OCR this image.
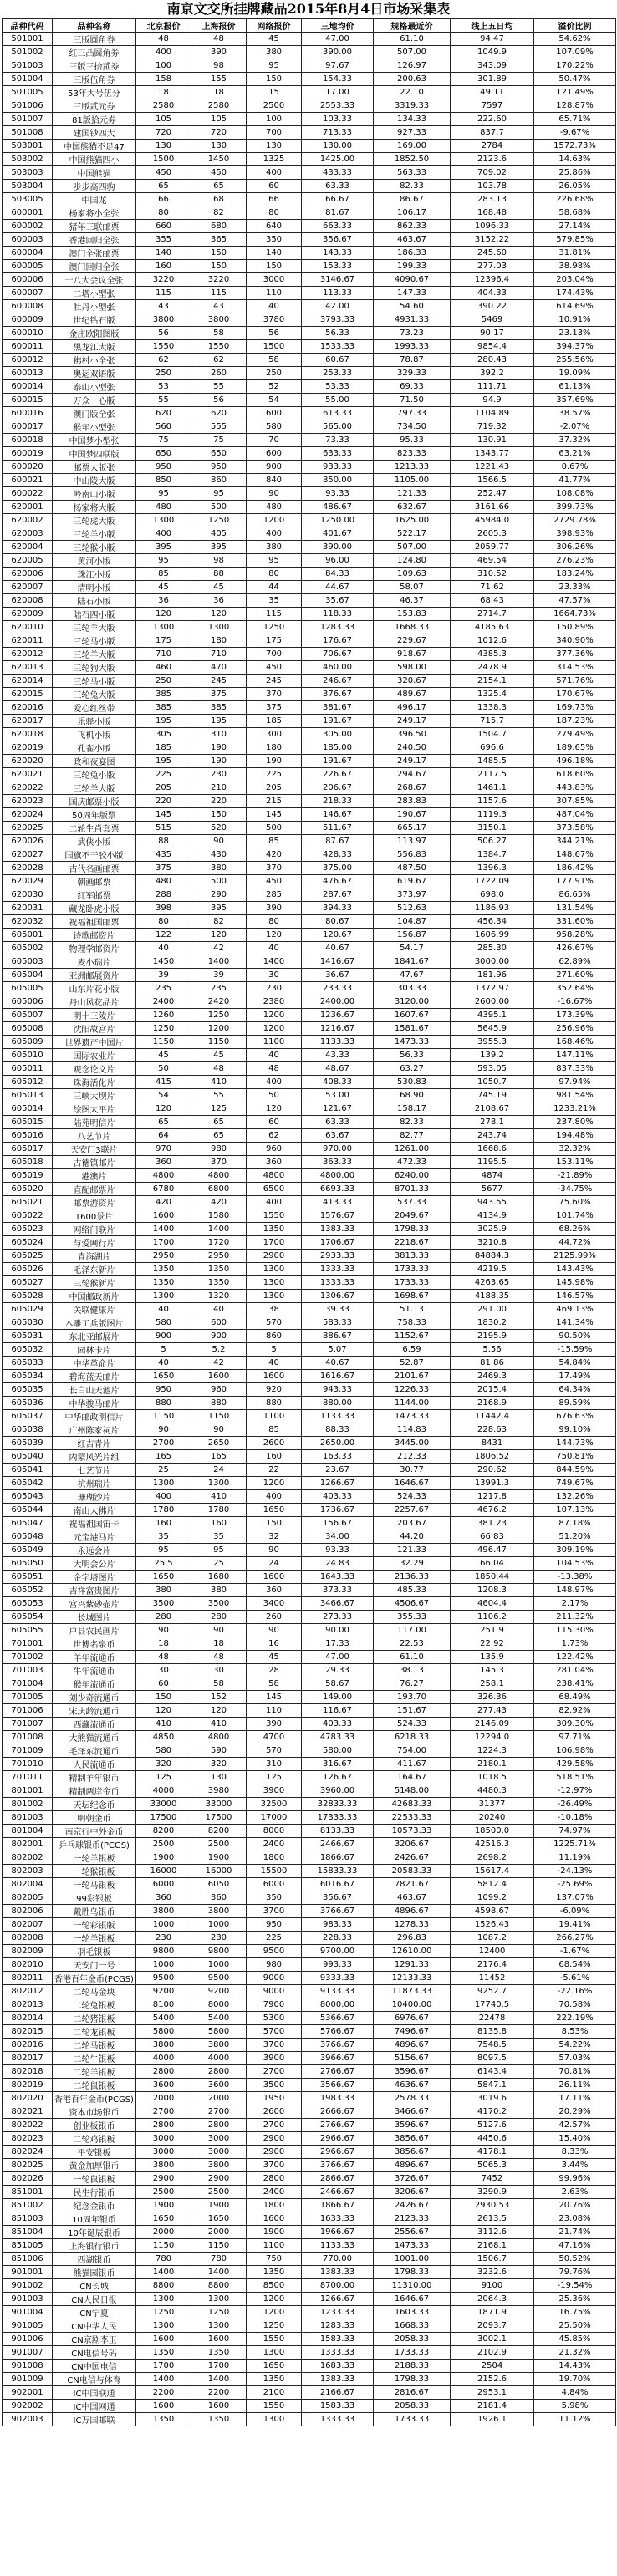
南京文交所挂牌藏品2015年8月4日市场采集表
品种代码	品种名称	北京报价	上海报价	网络报价	三地均价	规格最近价	线上五日均	溢价比例
501001	三版圆角券	48	48	45	47.00	61.10	94.47	54.62%
501002	红三凸圆角券	400	390	380	390.00	507.00	1049.9	107.09%
501003	三版三拾贰券	100	98	95	97.67	126.97	343.09	170.22%
501004	三版伍角券	158	155	150	154.33	200.63	301.89	50.47%
501005	53年大号伍分	18	18	15	17.00	22.10	49.11	121.49%
501006	三版贰元券	2580	2580	2500	2553.33	3319.33	7597	128.87%
501007	81版拾元券	105	105	100	103.33	134.33	222.60	65.71%
501008	建国钞四大	720	720	700	713.33	927.33	837.7	-9.67%
503001	中国熊猫不足47	130	130	130	130.00	169.00	2784	1572.73%
503002	中国熊猫四小	1500	1450	1325	1425.00	1852.50	2123.6	14.63%
503003	中国熊猫	450	450	400	433.33	563.33	709.02	25.86%
503004	步步高四驹	65	65	60	63.33	82.33	103.78	26.05%
503005	中国龙	66	68	66	66.67	86.67	283.13	226.68%
600001	杨家将小全张	80	82	80	81.67	106.17	168.48	58.68%
600002	猪年三联邮票	660	680	640	663.33	862.33	1096.33	27.14%
600003	香港回归全张	355	365	350	356.67	463.67	3152.22	579.85%
600004	澳门全张邮票	140	150	140	143.33	186.33	245.60	31.81%
600005	澳门回归全张	160	150	150	153.33	199.33	277.03	38.98%
600006	十八大会议全张	3220	3220	3000	3146.67	4090.67	12396.4	203.04%
600007	二塔小型张	115	115	110	113.33	147.33	404.33	174.43%
600008	牡丹小型张	43	43	40	42.00	54.60	390.22	614.69%
600009	世纪钻石版	3800	3800	3780	3793.33	4931.33	5469	10.91%
600010	金庄欧阳图版	56	58	56	56.33	73.23	90.17	23.13%
600011	黑龙江大版	1550	1550	1500	1533.33	1993.33	9854.4	394.37%
600012	佛村小全张	62	62	58	60.67	78.87	280.43	255.56%
600013	奥运双语版	250	260	250	253.33	329.33	392.2	19.09%
600014	泰山小型张	53	55	52	53.33	69.33	111.71	61.13%
600015	万众一心版	55	56	54	55.00	71.50	94.9	357.69%
600016	澳门版全张	620	620	600	613.33	797.33	1104.89	38.57%
600017	猴年小型张	560	555	580	565.00	734.50	719.32	-2.07%
600018	中国梦小型张	75	75	70	73.33	95.33	130.91	37.32%
600019	中国梦四联版	650	650	600	633.33	823.33	1343.77	63.21%
600020	邮票大版张	950	950	900	933.33	1213.33	1221.43	0.67%
600021	中山陵大版	850	860	840	850.00	1105.00	1566.5	41.77%
600022	岭南山小版	95	95	90	93.33	121.33	252.47	108.08%
620001	杨家将大版	480	500	480	486.67	632.67	3161.66	399.73%
620002	三轮虎大版	1300	1250	1200	1250.00	1625.00	45984.0	2729.78%
620003	三轮羊小版	400	405	400	401.67	522.17	2605.3	398.93%
620004	三轮猴小版	395	395	380	390.00	507.00	2059.77	306.26%
620005	黄河小版	95	98	95	96.00	124.80	469.54	276.23%
620006	珠江小版	85	88	80	84.33	109.63	310.52	183.24%
620007	清明小版	45	45	44	44.67	58.07	71.62	23.33%
620008	陆石小版	36	36	35	35.67	46.37	68.43	47.57%
620009	陆石四小版	120	120	115	118.33	153.83	2714.7	1664.73%
620010	三轮羊大版	1300	1300	1250	1283.33	1668.33	4185.63	150.89%
620011	三轮马小版	175	180	175	176.67	229.67	1012.6	340.90%
620012	三轮羊大版	710	710	700	706.67	918.67	4385.3	377.36%
620013	三轮狗大版	460	470	450	460.00	598.00	2478.9	314.53%
620014	三轮马小版	250	245	245	246.67	320.67	2154.1	571.76%
620015	三轮兔大版	385	375	370	376.67	489.67	1325.4	170.67%
620016	爱心红丝带	385	385	375	381.67	496.17	1338.3	169.73%
620017	乐驿小版	195	195	185	191.67	249.17	715.7	187.23%
620018	飞机小版	305	310	300	305.00	396.50	1504.7	279.49%
620019	孔雀小版	185	190	180	185.00	240.50	696.6	189.65%
620020	政和夜宴图	195	190	190	191.67	249.17	1485.5	496.18%
620021	三轮兔小版	225	230	225	226.67	294.67	2117.5	618.60%
620022	三轮羊大版	205	210	205	206.67	268.67	1461.1	443.83%
620023	国庆邮票小版	220	220	215	218.33	283.83	1157.6	307.85%
620024	50周年版票	145	150	145	146.67	190.67	1119.3	487.04%
620025	二轮生肖套票	515	520	500	511.67	665.17	3150.1	373.58%
620026	武侠小版	88	90	85	87.67	113.97	506.27	344.21%
620027	国旗不干胶小版	435	430	420	428.33	556.83	1384.7	148.67%
620028	古代名画邮票	375	380	370	375.00	487.50	1396.3	186.42%
620029	朝画邮票	480	500	450	476.67	619.67	1722.09	177.91%
620030	红军邮票	288	290	285	287.67	373.97	698.0	86.65%
620031	藏龙卧虎小版	398	395	390	394.33	512.63	1186.93	131.54%
620032	祝福祖国邮票	80	82	80	80.67	104.87	456.34	331.60%
605001	诗歌邮资片	122	120	120	120.67	156.87	1606.99	958.28%
605002	物理学邮资片	40	42	40	40.67	54.17	285.30	426.67%
605003	麦小瑞片	1450	1400	1400	1416.67	1841.67	3000.00	62.89%
605004	亚洲邮展资片	39	39	30	36.67	47.67	181.96	271.60%
605005	山东片花小版	235	235	230	233.33	303.33	1372.97	352.64%
605006	丹山风花品片	2400	2420	2380	2400.00	3120.00	2600.00	-16.67%
605007	明十三陵片	1260	1250	1200	1236.67	1607.67	4395.1	173.39%
605008	沈阳故宫片	1250	1200	1200	1216.67	1581.67	5645.9	256.96%
605009	世界遗产中国片	1150	1150	1100	1133.33	1473.33	3955.3	168.46%
605010	国际农业片	45	45	40	43.33	56.33	139.2	147.11%
605011	观念论文片	50	48	48	48.67	63.27	593.05	837.33%
605012	珠海活化片	415	410	400	408.33	530.83	1050.7	97.94%
605013	三峡大坝片	54	55	50	53.00	68.90	745.19	981.54%
605014	绘图太平片	120	125	120	121.67	158.17	2108.67	1233.21%
605015	陆苑明信片	65	65	60	63.33	82.33	278.1	237.80%
605016	八艺节片	64	65	62	63.67	82.77	243.74	194.48%
605017	天安门3联片	970	980	960	970.00	1261.00	1668.6	32.32%
605018	古德镇邮片	360	370	360	363.33	472.33	1195.5	153.11%
605019	港澳片	4800	4800	4800	4800.00	6240.00	4874	-21.89%
605020	直配邮票片	6780	6800	6500	6693.33	8701.33	5677	-34.75%
605021	邮票游资片	420	420	400	413.33	537.33	943.55	75.60%
605022	1600景片	1600	1580	1550	1576.67	2049.67	4134.9	101.74%
605023	网络门联片	1400	1400	1350	1383.33	1798.33	3025.9	68.26%
605024	与爱网行片	1700	1720	1700	1706.67	2218.67	3210.8	44.72%
605025	青海湖片	2950	2950	2900	2933.33	3813.33	84884.3	2125.99%
605026	毛泽东新片	1350	1350	1300	1333.33	1733.33	4219.5	143.43%
605027	三轮猴新片	1350	1350	1300	1333.33	1733.33	4263.65	145.98%
605028	中国邮政新片	1300	1320	1300	1306.67	1698.67	4188.35	146.57%
605029	关联健康片	40	40	38	39.33	51.13	291.00	469.13%
605030	木雕工兵版图片	580	600	570	583.33	758.33	1830.2	141.34%
605031	东北亚邮展片	900	900	860	886.67	1152.67	2195.9	90.50%
605032	园林卡片	5	5.2	5	5.07	6.59	5.56	-15.59%
605033	中华革命片	40	42	40	40.67	52.87	81.86	54.84%
605034	碧海蓝天邮片	1650	1600	1600	1616.67	2101.67	2469.3	17.49%
605035	长白山天池片	950	960	920	943.33	1226.33	2015.4	64.34%
605036	中华骏马邮片	880	880	880	880.00	1144.00	2168.9	89.59%
605037	中华邮政明信片	1150	1150	1100	1133.33	1473.33	11442.4	676.63%
605038	广州陈家祠片	90	90	85	88.33	114.83	228.63	99.10%
605039	红吉青片	2700	2650	2600	2650.00	3445.00	8431	144.73%
605040	内蒙风光片组	165	165	160	163.33	212.33	1806.52	750.81%
605041	七艺节片	25	24	22	23.67	30.77	290.62	844.59%
605042	杭州瑞片	1300	1300	1200	1266.67	1646.67	13991.3	749.67%
605043	珊瑚沙片	400	410	400	403.33	524.33	1217.8	132.26%
605044	南山大佛片	1780	1780	1650	1736.67	2257.67	4676.2	107.13%
605047	祝福祖国宙卡	160	160	150	156.67	203.67	381.23	87.18%
605048	元宝港马片	35	35	32	34.00	44.20	66.83	51.20%
605049	永远会片	95	95	90	93.33	121.33	496.47	309.19%
605050	大明会公片	25.5	25	24	24.83	32.29	66.04	104.53%
605051	金字塔图片	1650	1680	1600	1643.33	2136.33	1850.44	-13.38%
605052	吉祥富贵图片	380	380	360	373.33	485.33	1208.3	148.97%
605053	宫兴紫砂壶片	3500	3500	3400	3466.67	4506.67	4604.4	2.17%
605054	长城图片	280	280	260	273.33	355.33	1106.2	211.32%
605055	户县农民画片	90	90	90	90.00	117.00	251.9	115.30%
701001	世博名泉币	18	18	16	17.33	22.53	22.92	1.73%
701002	羊年流通币	48	48	45	47.00	61.10	135.9	122.42%
701003	牛年流通币	30	30	28	29.33	38.13	145.3	281.04%
701004	猴年流通币	60	58	58	58.67	76.27	258.1	238.41%
701005	刘少奇流通币	150	152	145	149.00	193.70	326.36	68.49%
701006	宋庆龄流通币	120	120	110	116.67	151.67	277.43	82.92%
701007	西藏流通币	410	410	390	403.33	524.33	2146.09	309.30%
701008	大熊猫流通币	4850	4800	4700	4783.33	6218.33	12294.0	97.71%
701009	毛泽东流通币	580	590	570	580.00	754.00	1224.3	106.98%
701010	人民流通币	320	320	310	316.67	411.67	2180.1	429.58%
701011	精制羊年银币	125	130	125	126.67	164.67	1018.5	518.51%
801001	精制两岸金币	4000	3980	3900	3960.00	5148.00	4480.3	-12.97%
801002	天坛纪念币	33000	33000	32500	32833.33	42683.33	31377	-26.49%
801003	明朝金币	17500	17500	17000	17333.33	22533.33	20240	-10.18%
801004	南京行中外金币	8200	8200	8000	8133.33	10573.33	18500.0	74.97%
802001	乒乓球银币(PCGS)	2500	2500	2400	2466.67	3206.67	42516.3	1225.71%
802002	一轮羊银板	1900	1900	1800	1866.67	2426.67	2698.2	11.19%
802003	一轮猴银板	16000	16000	15500	15833.33	20583.33	15617.4	-24.13%
802004	一轮马银板	6000	6050	6000	6016.67	7821.67	5812.4	-25.69%
802005	99彩银板	360	360	350	356.67	463.67	1099.2	137.07%
802006	戴胜鸟银币	3800	3800	3700	3766.67	4896.67	4598.67	-6.09%
802007	一轮彩银版	1000	1000	950	983.33	1278.33	1526.43	19.41%
802008	一轮羊银板	230	230	225	228.33	296.83	1087.2	266.27%
802009	羽毛银板	9800	9800	9500	9700.00	12610.00	12400	-1.67%
802010	天安门一号	1000	1000	980	993.33	1291.33	2176.4	68.54%
802011	香港百年金币(PCGS)	9500	9500	9000	9333.33	12133.33	11452	-5.61%
802012	二轮马金块	9200	9200	9000	9133.33	11873.33	9252.7	-22.16%
802013	二轮兔银板	8100	8000	7900	8000.00	10400.00	17740.5	70.58%
802014	二轮猪银板	5400	5400	5300	5366.67	6976.67	22478	222.19%
802015	二轮龙银板	5800	5800	5700	5766.67	7496.67	8135.8	8.53%
802016	二轮马银板	3800	3800	3700	3766.67	4896.67	7548.5	54.22%
802017	二轮牛银板	4000	4000	3900	3966.67	5156.67	8097.5	57.03%
802018	二轮羊银板	2800	2800	2700	2766.67	3596.67	6143.4	70.81%
802019	二轮鼠银板	3600	3600	3500	3566.67	4636.67	5847.1	26.11%
802020	香港百年金币(PCGS)	2000	2000	1950	1983.33	2578.33	3019.6	17.11%
802021	资本市场银币	2700	2700	2600	2666.67	3466.67	4170.2	20.29%
802022	创业板银币	2800	2800	2700	2766.67	3596.67	5127.6	42.57%
802023	二轮鸡银板	3000	3000	2900	2966.67	3856.67	4450.6	15.40%
802024	平安银板	3000	3000	2900	2966.67	3856.67	4178.1	8.33%
802025	黄金加厚银币	3800	3800	3700	3766.67	4896.67	5065.3	3.44%
802026	一轮鼠银板	2900	2900	2800	2866.67	3726.67	7452	99.96%
851001	民生行银币	2500	2500	2400	2466.67	3206.67	3290.9	2.63%
851002	纪念金银币	1900	1900	1800	1866.67	2426.67	2930.53	20.76%
851003	10周年银币	1650	1650	1600	1633.33	2123.33	2613.5	23.08%
851004	10年诞辰银币	2000	2000	1900	1966.67	2556.67	3112.6	21.74%
851005	上海银行银币	1150	1150	1100	1133.33	1473.33	2168.1	47.16%
851006	西湖银币	780	780	750	770.00	1001.00	1506.7	50.52%
901001	熊猫园银币	1400	1400	1350	1383.33	1798.33	3232.6	79.76%
901002	CN长城	8800	8800	8500	8700.00	11310.00	9100	-19.54%
901003	CN人民日报	1300	1300	1200	1266.67	1646.67	2064.3	25.36%
901004	CN宁夏	1250	1250	1200	1233.33	1603.33	1871.9	16.75%
901005	CN中华人民	1300	1300	1250	1283.33	1668.33	2093.7	25.50%
901006	CN京剧李玉	1600	1600	1550	1583.33	2058.33	3002.1	45.85%
901007	CN电信号码	1350	1350	1300	1333.33	1733.33	2102.9	21.32%
901008	CN中国电信	1700	1700	1650	1683.33	2188.33	2504	14.43%
901009	CN电信与体育	1400	1400	1350	1383.33	1798.33	2152.6	19.70%
902001	IC中国联通	2200	2200	2100	2166.67	2816.67	2953.1	4.84%
902002	IC中国网通	1600	1600	1550	1583.33	2058.33	2181.4	5.98%
902003	IC万国邮联	1350	1350	1300	1333.33	1733.33	1926.1	11.12%
